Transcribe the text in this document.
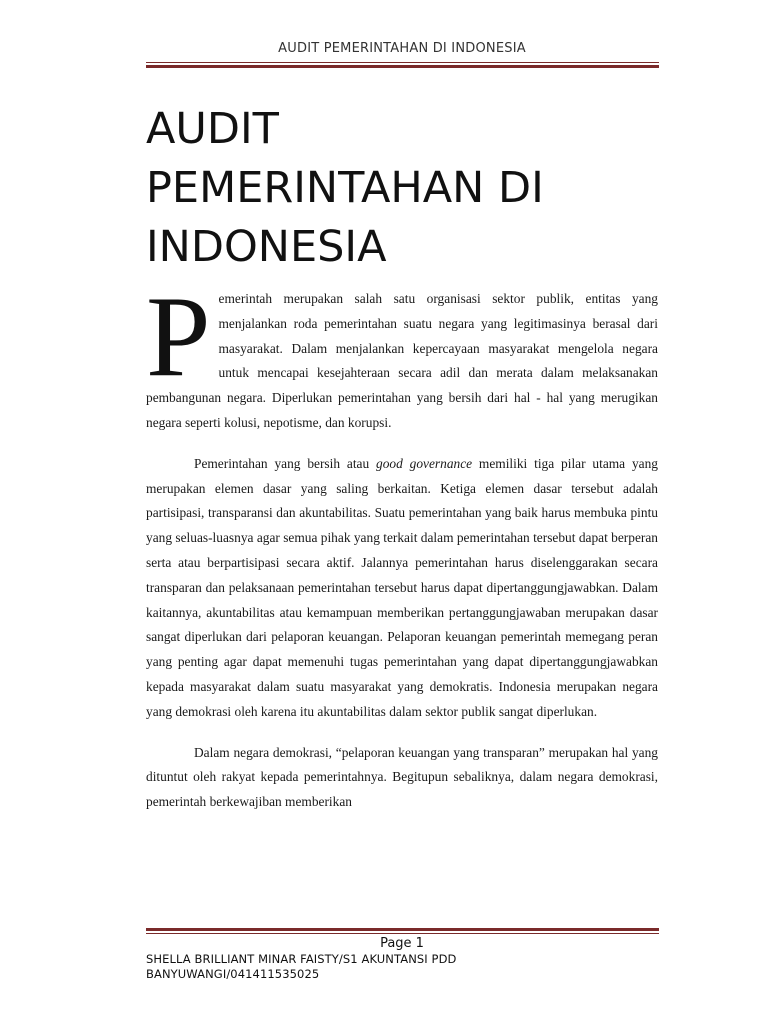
AUDIT PEMERINTAHAN DI INDONESIA
AUDIT
PEMERINTAHAN DI
INDONESIA

Pemerintah merupakan salah satu organisasi sektor publik, entitas yang menjalankan roda pemerintahan suatu negara yang legitimasinya berasal dari masyarakat. Dalam menjalankan kepercayaan masyarakat mengelola negara untuk mencapai kesejahteraan secara adil dan merata dalam melaksanakan pembangunan negara. Diperlukan pemerintahan yang bersih dari hal - hal yang merugikan negara seperti kolusi, nepotisme, dan korupsi.

Pemerintahan yang bersih atau good governance memiliki tiga pilar utama yang merupakan elemen dasar yang saling berkaitan. Ketiga elemen dasar tersebut adalah partisipasi, transparansi dan akuntabilitas. Suatu pemerintahan yang baik harus membuka pintu yang seluas-luasnya agar semua pihak yang terkait dalam pemerintahan tersebut dapat berperan serta atau berpartisipasi secara aktif. Jalannya pemerintahan harus diselenggarakan secara transparan dan pelaksanaan pemerintahan tersebut harus dapat dipertanggungjawabkan. Dalam kaitannya, akuntabilitas atau kemampuan memberikan pertanggungjawaban merupakan dasar sangat diperlukan dari pelaporan keuangan. Pelaporan keuangan pemerintah memegang peran yang penting agar dapat memenuhi tugas pemerintahan yang dapat dipertanggungjawabkan kepada masyarakat dalam suatu masyarakat yang demokratis. Indonesia merupakan negara yang demokrasi oleh karena itu akuntabilitas dalam sektor publik sangat diperlukan.

Dalam negara demokrasi, “pelaporan keuangan yang transparan” merupakan hal yang dituntut oleh rakyat kepada pemerintahnya. Begitupun sebaliknya, dalam negara demokrasi, pemerintah berkewajiban memberikan

Page 1
SHELLA BRILLIANT MINAR FAISTY/S1 AKUNTANSI PDD
BANYUWANGI/041411535025
